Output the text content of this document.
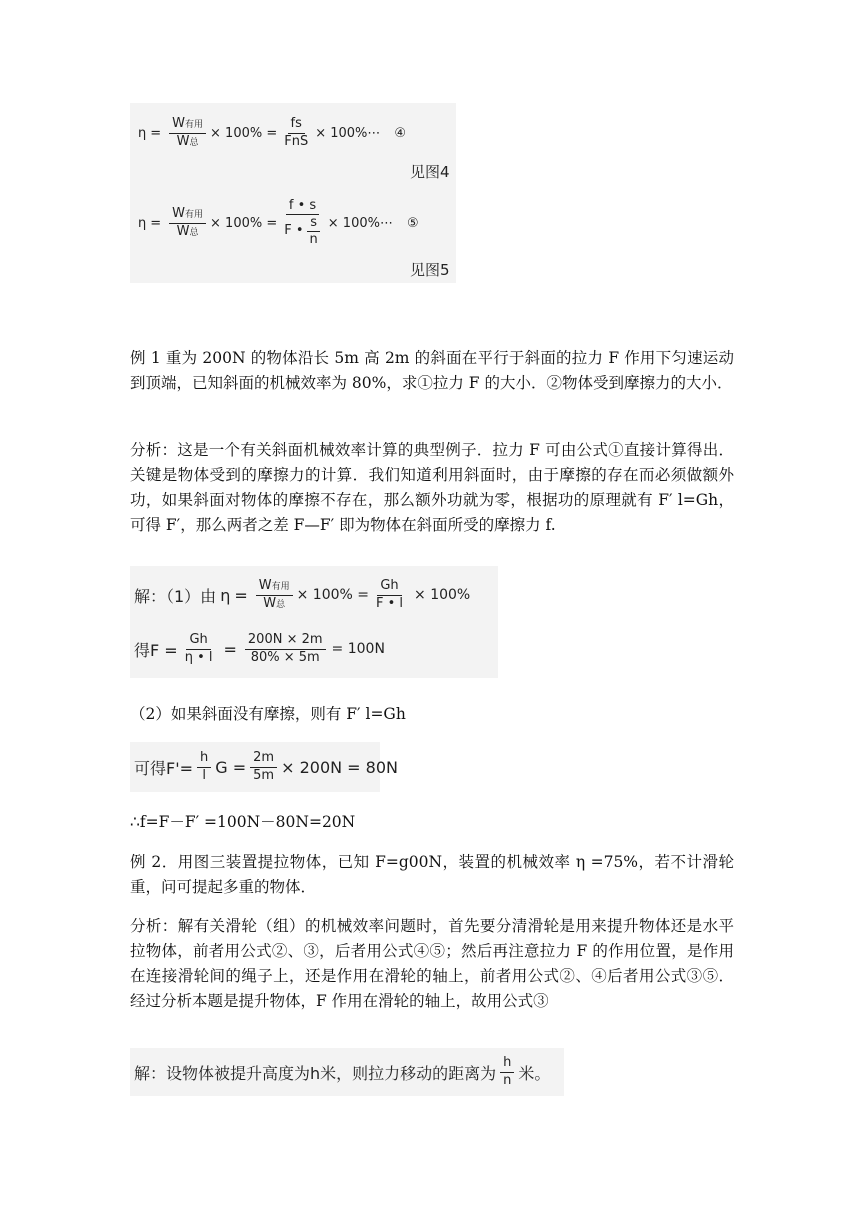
$\eta = \frac{\text{W有用}}{\text{W总}} \times 100\% = \frac{fs}{\text{FnS}}$ × 100%⋯ ④
见图4
$\eta = \frac{\text{W有用}}{\text{W总}} \times 100\% = \frac{f • s}{F • \frac{s}{n}}$ × 100%⋯ ⑤
见图5

例 1 重为 200N 的物体沿长 5m 高 2m 的斜面在平行于斜面的拉力 F 作用下匀速运动到顶端，已知斜面的机械效率为 80%，求①拉力 F 的大小．②物体受到摩擦力的大小．

分析：这是一个有关斜面机械效率计算的典型例子．拉力 F 可由公式①直接计算得出．关键是物体受到的摩擦力的计算．我们知道利用斜面时，由于摩擦的存在而必须做额外功，如果斜面对物体的摩擦不存在，那么额外功就为零，根据功的原理就有 F′ l=Gh，可得 F′，那么两者之差 F—F′ 即为物体在斜面所受的摩擦力 f.

解：（1）由 $\eta = \frac{\text{W有用}}{\text{W总}} \times 100\% = \frac{Gh}{F • l} \times 100\%$
得$F = \frac{Gh}{\eta • l} = \frac{200N \times 2m}{80\% \times 5m} = 100N$
（2）如果斜面没有摩擦，则有 F′ l=Gh
可得$F'= \frac{h}{l}$ $G = \frac{2m}{5m} \times 200N = 80N$
∴f=F－F′ =100N－80N=20N

例 2．用图三装置提拉物体，已知 F=g00N，装置的机械效率 η =75%，若不计滑轮重，问可提起多重的物体．

分析：解有关滑轮（组）的机械效率问题时，首先要分清滑轮是用来提升物体还是水平拉物体，前者用公式②、③，后者用公式④⑤；然后再注意拉力 F 的作用位置，是作用在连接滑轮间的绳子上，还是作用在滑轮的轴上，前者用公式②、④后者用公式③⑤．经过分析本题是提升物体，F 作用在滑轮的轴上，故用公式③

解：设物体被提升高度为h米，则拉力移动的距离为 $\frac{h}{n}$ 米。
